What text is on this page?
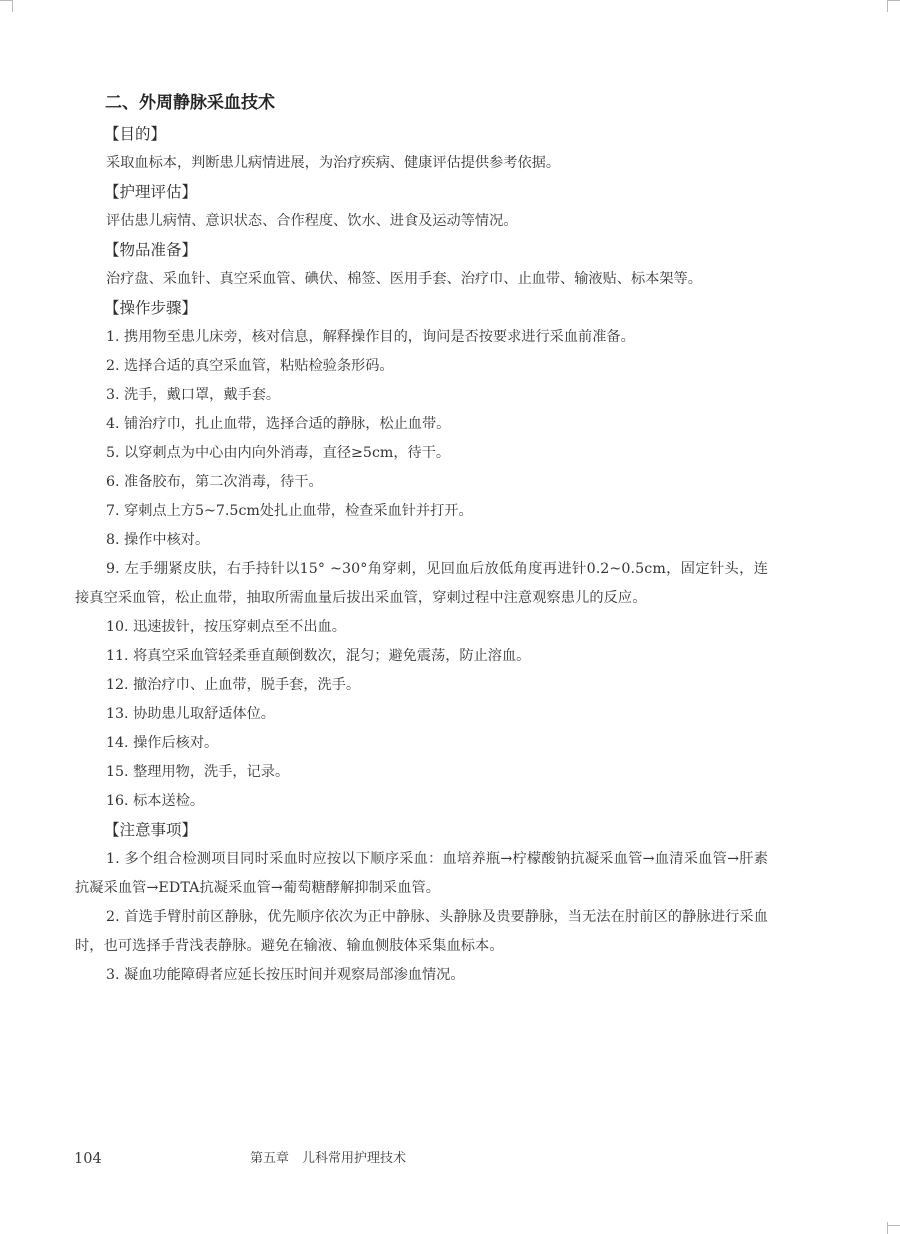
二、外周静脉采血技术
【目的】

采取血标本，判断患儿病情进展，为治疗疾病、健康评估提供参考依据。

【护理评估】

评估患儿病情、意识状态、合作程度、饮水、进食及运动等情况。

【物品准备】

治疗盘、采血针、真空采血管、碘伏、棉签、医用手套、治疗巾、止血带、输液贴、标本架等。

【操作步骤】

1. 携用物至患儿床旁，核对信息，解释操作目的，询问是否按要求进行采血前准备。

2. 选择合适的真空采血管，粘贴检验条形码。

3. 洗手，戴口罩，戴手套。

4. 铺治疗巾，扎止血带，选择合适的静脉，松止血带。

5. 以穿刺点为中心由内向外消毒，直径≥5cm，待干。

6. 准备胶布，第二次消毒，待干。

7. 穿刺点上方5~7.5cm处扎止血带，检查采血针并打开。

8. 操作中核对。

9. 左手绷紧皮肤，右手持针以15° ~30°角穿刺，见回血后放低角度再进针0.2~0.5cm，固定针头，连接真空采血管，松止血带，抽取所需血量后拔出采血管，穿刺过程中注意观察患儿的反应。

10. 迅速拔针，按压穿刺点至不出血。

11. 将真空采血管轻柔垂直颠倒数次，混匀；避免震荡，防止溶血。

12. 撤治疗巾、止血带，脱手套，洗手。

13. 协助患儿取舒适体位。

14. 操作后核对。

15. 整理用物，洗手，记录。

16. 标本送检。

【注意事项】

1. 多个组合检测项目同时采血时应按以下顺序采血：血培养瓶→柠檬酸钠抗凝采血管→血清采血管→肝素抗凝采血管→EDTA抗凝采血管→葡萄糖酵解抑制采血管。

2. 首选手臂肘前区静脉，优先顺序依次为正中静脉、头静脉及贵要静脉，当无法在肘前区的静脉进行采血时，也可选择手背浅表静脉。避免在输液、输血侧肢体采集血标本。

3. 凝血功能障碍者应延长按压时间并观察局部渗血情况。

104	第五章　儿科常用护理技术
